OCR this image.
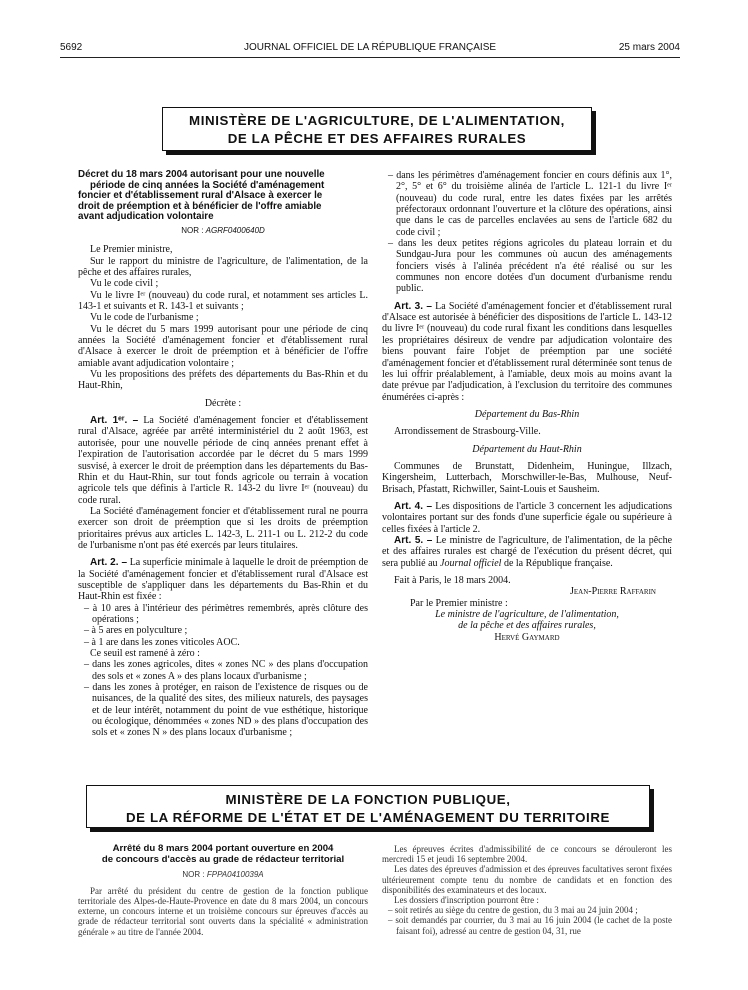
5692	JOURNAL OFFICIEL DE LA RÉPUBLIQUE FRANÇAISE	25 mars 2004
MINISTÈRE DE L'AGRICULTURE, DE L'ALIMENTATION,
DE LA PÊCHE ET DES AFFAIRES RURALES
Décret du 18 mars 2004 autorisant pour une nouvelle
période de cinq années la Société d'aménagement
foncier et d'établissement rural d'Alsace à exercer le
droit de préemption et à bénéficier de l'offre amiable
avant adjudication volontaire
NOR : AGRF0400640D

Le Premier ministre,

Sur le rapport du ministre de l'agriculture, de l'alimentation, de la pêche et des affaires rurales,

Vu le code civil ;

Vu le livre Iᵉʳ (nouveau) du code rural, et notamment ses articles L. 143-1 et suivants et R. 143-1 et suivants ;

Vu le code de l'urbanisme ;

Vu le décret du 5 mars 1999 autorisant pour une période de cinq années la Société d'aménagement foncier et d'établissement rural d'Alsace à exercer le droit de préemption et à bénéficier de l'offre amiable avant adjudication volontaire ;

Vu les propositions des préfets des départements du Bas-Rhin et du Haut-Rhin,

Décrète :

Art. 1ᵉʳ. – La Société d'aménagement foncier et d'établissement rural d'Alsace, agréée par arrêté interministériel du 2 août 1963, est autorisée, pour une nouvelle période de cinq années prenant effet à l'expiration de l'autorisation accordée par le décret du 5 mars 1999 susvisé, à exercer le droit de préemption dans les départements du Bas-Rhin et du Haut-Rhin, sur tout fonds agricole ou terrain à vocation agricole tels que définis à l'article R. 143-2 du livre Iᵉʳ (nouveau) du code rural.

La Société d'aménagement foncier et d'établissement rural ne pourra exercer son droit de préemption que si les droits de préemption prioritaires prévus aux articles L. 142-3, L. 211-1 ou L. 212-2 du code de l'urbanisme n'ont pas été exercés par leurs titulaires.

Art. 2. – La superficie minimale à laquelle le droit de préemption de la Société d'aménagement foncier et d'établissement rural d'Alsace est susceptible de s'appliquer dans les départements du Bas-Rhin et du Haut-Rhin est fixée :

– à 10 ares à l'intérieur des périmètres remembrés, après clôture des opérations ;

– à 5 ares en polyculture ;

– à 1 are dans les zones viticoles AOC.

Ce seuil est ramené à zéro :

– dans les zones agricoles, dites « zones NC » des plans d'occupation des sols et « zones A » des plans locaux d'urbanisme ;

– dans les zones à protéger, en raison de l'existence de risques ou de nuisances, de la qualité des sites, des milieux naturels, des paysages et de leur intérêt, notamment du point de vue esthétique, historique ou écologique, dénommées « zones ND » des plans d'occupation des sols et « zones N » des plans locaux d'urbanisme ;

– dans les périmètres d'aménagement foncier en cours définis aux 1°, 2°, 5° et 6° du troisième alinéa de l'article L. 121-1 du livre Iᵉʳ (nouveau) du code rural, entre les dates fixées par les arrêtés préfectoraux ordonnant l'ouverture et la clôture des opérations, ainsi que dans le cas de parcelles enclavées au sens de l'article 682 du code civil ;

– dans les deux petites régions agricoles du plateau lorrain et du Sundgau-Jura pour les communes où aucun des aménagements fonciers visés à l'alinéa précédent n'a été réalisé ou sur les communes non encore dotées d'un document d'urbanisme rendu public.

Art. 3. – La Société d'aménagement foncier et d'établissement rural d'Alsace est autorisée à bénéficier des dispositions de l'article L. 143-12 du livre Iᵉʳ (nouveau) du code rural fixant les conditions dans lesquelles les propriétaires désireux de vendre par adjudication volontaire des biens pouvant faire l'objet de préemption par une société d'aménagement foncier et d'établissement rural déterminée sont tenus de les lui offrir préalablement, à l'amiable, deux mois au moins avant la date prévue par l'adjudication, à l'exclusion du territoire des communes énumérées ci-après :

Département du Bas-Rhin

Arrondissement de Strasbourg-Ville.

Département du Haut-Rhin

Communes de Brunstatt, Didenheim, Huningue, Illzach, Kingersheim, Lutterbach, Morschwiller-le-Bas, Mulhouse, Neuf-Brisach, Pfastatt, Richwiller, Saint-Louis et Sausheim.

Art. 4. – Les dispositions de l'article 3 concernent les adjudications volontaires portant sur des fonds d'une superficie égale ou supérieure à celles fixées à l'article 2.

Art. 5. – Le ministre de l'agriculture, de l'alimentation, de la pêche et des affaires rurales est chargé de l'exécution du présent décret, qui sera publié au Journal officiel de la République française.

Fait à Paris, le 18 mars 2004.

Jean-Pierre Raffarin

Par le Premier ministre :

Le ministre de l'agriculture, de l'alimentation,

de la pêche et des affaires rurales,

Hervé Gaymard

MINISTÈRE DE LA FONCTION PUBLIQUE,
DE LA RÉFORME DE L'ÉTAT ET DE L'AMÉNAGEMENT DU TERRITOIRE
Arrêté du 8 mars 2004 portant ouverture en 2004
de concours d'accès au grade de rédacteur territorial
NOR : FPPA0410039A

Par arrêté du président du centre de gestion de la fonction publique territoriale des Alpes-de-Haute-Provence en date du 8 mars 2004, un concours externe, un concours interne et un troisième concours sur épreuves d'accès au grade de rédacteur territorial sont ouverts dans la spécialité « administration générale » au titre de l'année 2004.

Les épreuves écrites d'admissibilité de ce concours se dérouleront les mercredi 15 et jeudi 16 septembre 2004.

Les dates des épreuves d'admission et des épreuves facultatives seront fixées ultérieurement compte tenu du nombre de candidats et en fonction des disponibilités des examinateurs et des locaux.

Les dossiers d'inscription pourront être :

– soit retirés au siège du centre de gestion, du 3 mai au 24 juin 2004 ;

– soit demandés par courrier, du 3 mai au 16 juin 2004 (le cachet de la poste faisant foi), adressé au centre de gestion 04, 31, rue
